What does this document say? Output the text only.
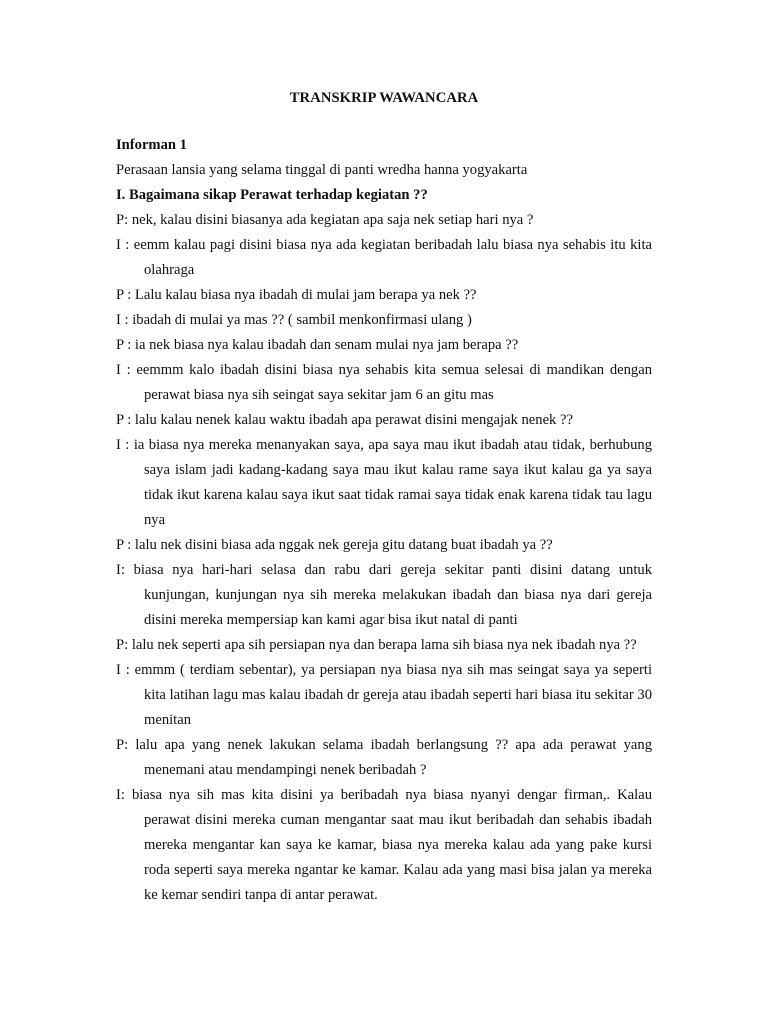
TRANSKRIP WAWANCARA
Informan 1
Perasaan lansia yang selama tinggal di panti wredha hanna yogyakarta
I. Bagaimana sikap Perawat terhadap kegiatan ??

P: nek, kalau disini biasanya ada kegiatan apa saja nek setiap hari nya ?

I : eemm kalau pagi disini biasa nya ada kegiatan beribadah lalu biasa nya sehabis itu kita olahraga

P : Lalu kalau biasa nya ibadah di mulai jam berapa ya nek ??

I : ibadah di mulai ya mas ?? ( sambil menkonfirmasi ulang )

P : ia nek biasa nya kalau ibadah dan senam mulai nya jam berapa ??

I : eemmm kalo ibadah disini biasa nya sehabis kita semua selesai di mandikan dengan perawat biasa nya sih seingat saya sekitar jam 6 an gitu mas

P : lalu kalau nenek kalau waktu ibadah apa perawat disini mengajak nenek ??

I : ia biasa nya mereka menanyakan saya, apa saya mau ikut ibadah atau tidak, berhubung saya islam jadi kadang-kadang saya mau ikut kalau rame saya ikut kalau ga ya saya tidak ikut karena kalau saya ikut saat tidak ramai saya tidak enak karena tidak tau lagu nya

P : lalu nek disini biasa ada nggak nek gereja gitu datang buat ibadah ya ??

I: biasa nya hari-hari selasa dan rabu dari gereja sekitar panti disini datang untuk kunjungan, kunjungan nya sih mereka melakukan ibadah dan biasa nya dari gereja disini mereka mempersiap kan kami agar bisa ikut natal di panti

P: lalu nek seperti apa sih persiapan nya dan berapa lama sih biasa nya nek ibadah nya ??

I : emmm ( terdiam sebentar), ya persiapan nya biasa nya sih mas seingat saya ya seperti kita latihan lagu mas kalau ibadah dr gereja atau ibadah seperti hari biasa itu sekitar 30 menitan

P: lalu apa yang nenek lakukan selama ibadah berlangsung ?? apa ada perawat yang menemani atau mendampingi nenek beribadah ?

I: biasa nya sih mas kita disini ya beribadah nya biasa nyanyi dengar firman,. Kalau perawat disini mereka cuman mengantar saat mau ikut beribadah dan sehabis ibadah mereka mengantar kan saya ke kamar, biasa nya mereka kalau ada yang pake kursi roda seperti saya mereka ngantar ke kamar. Kalau ada yang masi bisa jalan ya mereka ke kemar sendiri tanpa di antar perawat.
